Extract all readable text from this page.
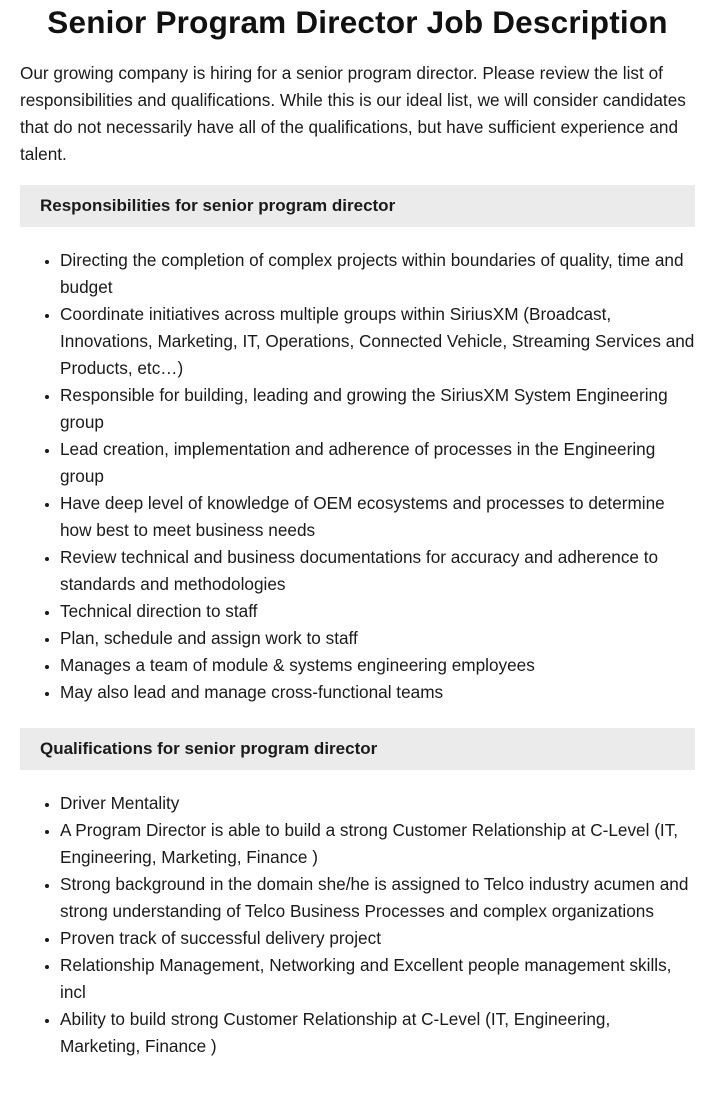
Senior Program Director Job Description

Our growing company is hiring for a senior program director. Please review the list of responsibilities and qualifications. While this is our ideal list, we will consider candidates that do not necessarily have all of the qualifications, but have sufficient experience and talent.

Responsibilities for senior program director
• Directing the completion of complex projects within boundaries of quality, time and budget
• Coordinate initiatives across multiple groups within SiriusXM (Broadcast, Innovations, Marketing, IT, Operations, Connected Vehicle, Streaming Services and Products, etc…)
• Responsible for building, leading and growing the SiriusXM System Engineering group
• Lead creation, implementation and adherence of processes in the Engineering group
• Have deep level of knowledge of OEM ecosystems and processes to determine how best to meet business needs
• Review technical and business documentations for accuracy and adherence to standards and methodologies
• Technical direction to staff
• Plan, schedule and assign work to staff
• Manages a team of module & systems engineering employees
• May also lead and manage cross-functional teams
Qualifications for senior program director
• Driver Mentality
• A Program Director is able to build a strong Customer Relationship at C-Level (IT, Engineering, Marketing, Finance )
• Strong background in the domain she/he is assigned to Telco industry acumen and strong understanding of Telco Business Processes and complex organizations
• Proven track of successful delivery project
• Relationship Management, Networking and Excellent people management skills, incl
• Ability to build strong Customer Relationship at C-Level (IT, Engineering, Marketing, Finance )
